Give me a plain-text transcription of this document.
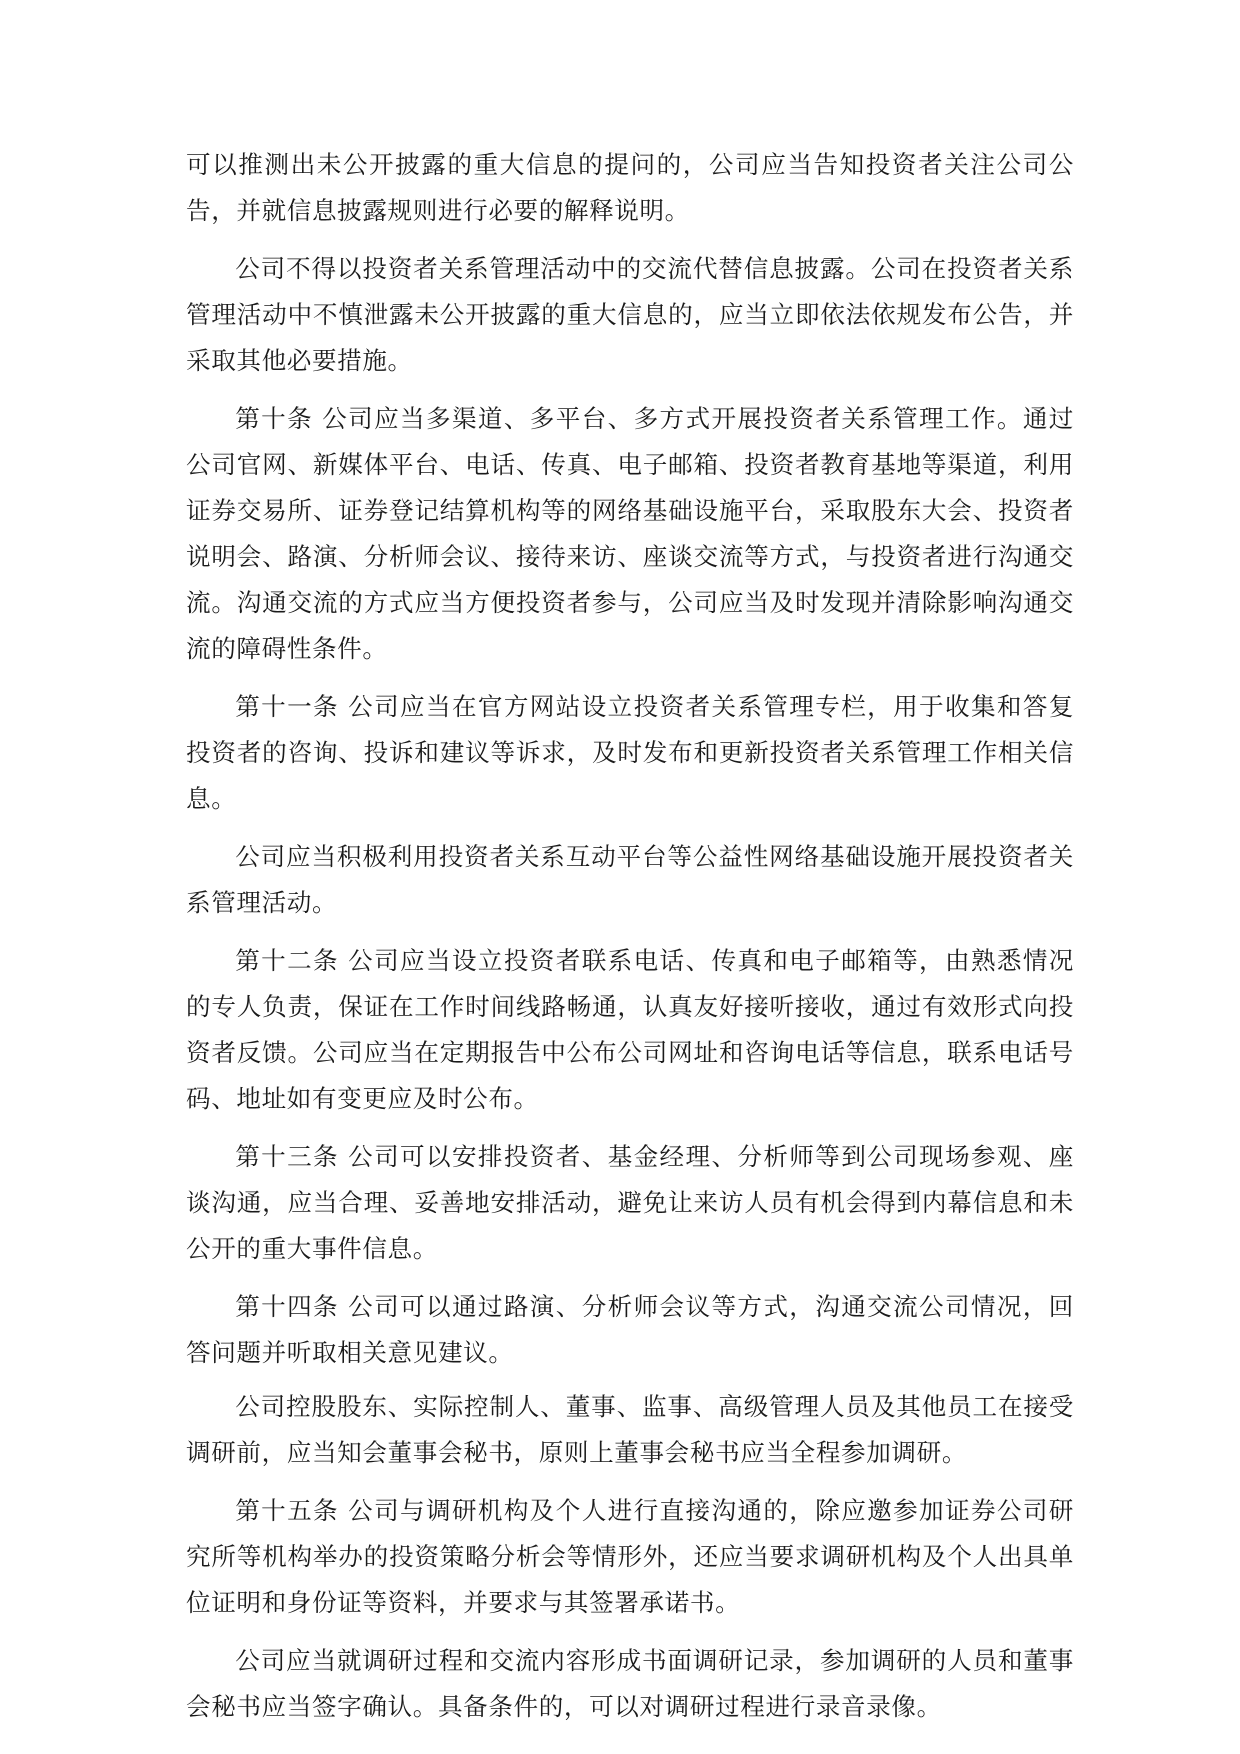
可以推测出未公开披露的重大信息的提问的，公司应当告知投资者关注公司公告，并就信息披露规则进行必要的解释说明。

公司不得以投资者关系管理活动中的交流代替信息披露。公司在投资者关系管理活动中不慎泄露未公开披露的重大信息的，应当立即依法依规发布公告，并采取其他必要措施。

第十条 公司应当多渠道、多平台、多方式开展投资者关系管理工作。通过公司官网、新媒体平台、电话、传真、电子邮箱、投资者教育基地等渠道，利用证券交易所、证券登记结算机构等的网络基础设施平台，采取股东大会、投资者说明会、路演、分析师会议、接待来访、座谈交流等方式，与投资者进行沟通交流。沟通交流的方式应当方便投资者参与，公司应当及时发现并清除影响沟通交流的障碍性条件。

第十一条 公司应当在官方网站设立投资者关系管理专栏，用于收集和答复投资者的咨询、投诉和建议等诉求，及时发布和更新投资者关系管理工作相关信息。

公司应当积极利用投资者关系互动平台等公益性网络基础设施开展投资者关系管理活动。

第十二条 公司应当设立投资者联系电话、传真和电子邮箱等，由熟悉情况的专人负责，保证在工作时间线路畅通，认真友好接听接收，通过有效形式向投资者反馈。公司应当在定期报告中公布公司网址和咨询电话等信息，联系电话号码、地址如有变更应及时公布。

第十三条 公司可以安排投资者、基金经理、分析师等到公司现场参观、座谈沟通，应当合理、妥善地安排活动，避免让来访人员有机会得到内幕信息和未公开的重大事件信息。

第十四条 公司可以通过路演、分析师会议等方式，沟通交流公司情况，回答问题并听取相关意见建议。

公司控股股东、实际控制人、董事、监事、高级管理人员及其他员工在接受调研前，应当知会董事会秘书，原则上董事会秘书应当全程参加调研。

第十五条 公司与调研机构及个人进行直接沟通的，除应邀参加证券公司研究所等机构举办的投资策略分析会等情形外，还应当要求调研机构及个人出具单位证明和身份证等资料，并要求与其签署承诺书。

公司应当就调研过程和交流内容形成书面调研记录，参加调研的人员和董事会秘书应当签字确认。具备条件的，可以对调研过程进行录音录像。
